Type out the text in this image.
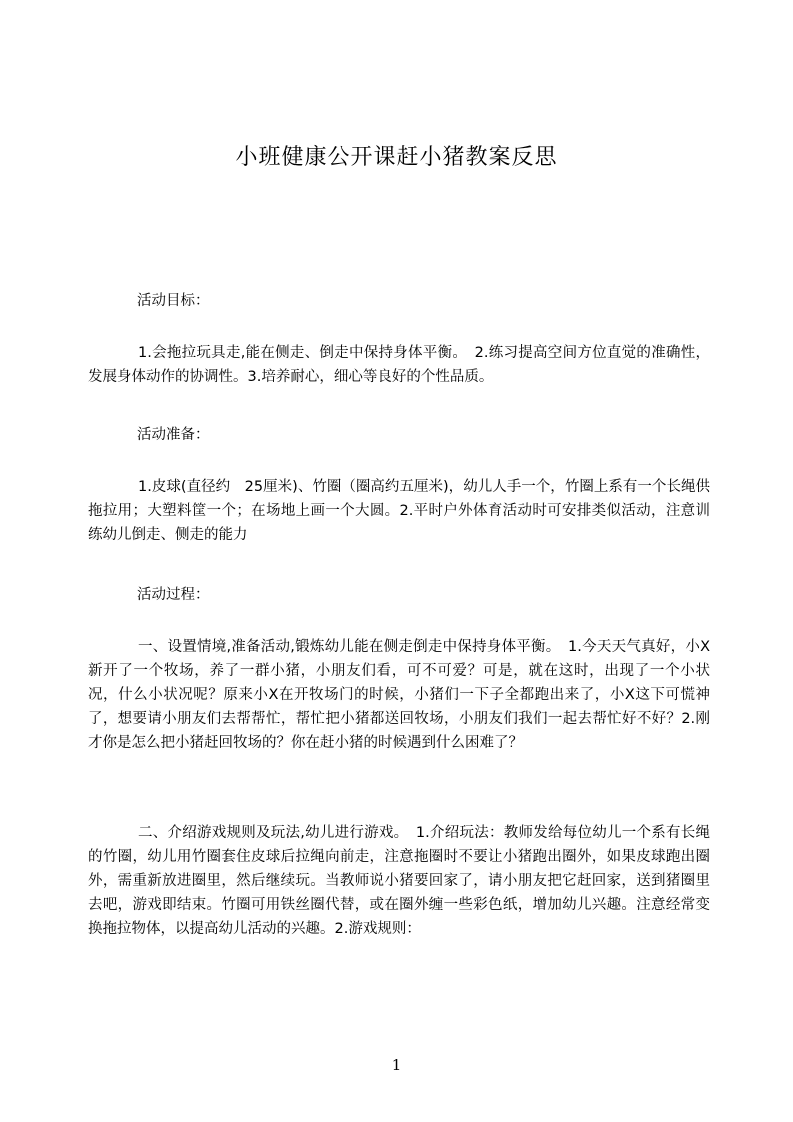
小班健康公开课赶小猪教案反思

活动目标：

1.会拖拉玩具走,能在侧走、倒走中保持身体平衡。　2.练习提高空间方位直觉的准确性，发展身体动作的协调性。3.培养耐心，细心等良好的个性品质。

活动准备：

1.皮球(直径约　25厘米)、竹圈（圈高约五厘米)，幼儿人手一个，竹圈上系有一个长绳供拖拉用；大塑料筐一个；在场地上画一个大圆。2.平时户外体育活动时可安排类似活动，注意训练幼儿倒走、侧走的能力

活动过程：

一、设置情境,准备活动,锻炼幼儿能在侧走倒走中保持身体平衡。　1.今天天气真好，小X新开了一个牧场，养了一群小猪，小朋友们看，可不可爱？可是，就在这时，出现了一个小状况，什么小状况呢？原来小X在开牧场门的时候，小猪们一下子全都跑出来了，小X这下可慌神了，想要请小朋友们去帮帮忙，帮忙把小猪都送回牧场，小朋友们我们一起去帮忙好不好？2.刚才你是怎么把小猪赶回牧场的？你在赶小猪的时候遇到什么困难了？

二、介绍游戏规则及玩法,幼儿进行游戏。　1.介绍玩法：教师发给每位幼儿一个系有长绳的竹圈，幼儿用竹圈套住皮球后拉绳向前走，注意拖圈时不要让小猪跑出圈外，如果皮球跑出圈外，需重新放进圈里，然后继续玩。当教师说小猪要回家了，请小朋友把它赶回家，送到猪圈里去吧，游戏即结束。竹圈可用铁丝圈代替，或在圈外缠一些彩色纸，增加幼儿兴趣。注意经常变换拖拉物体，以提高幼儿活动的兴趣。2.游戏规则：

1
